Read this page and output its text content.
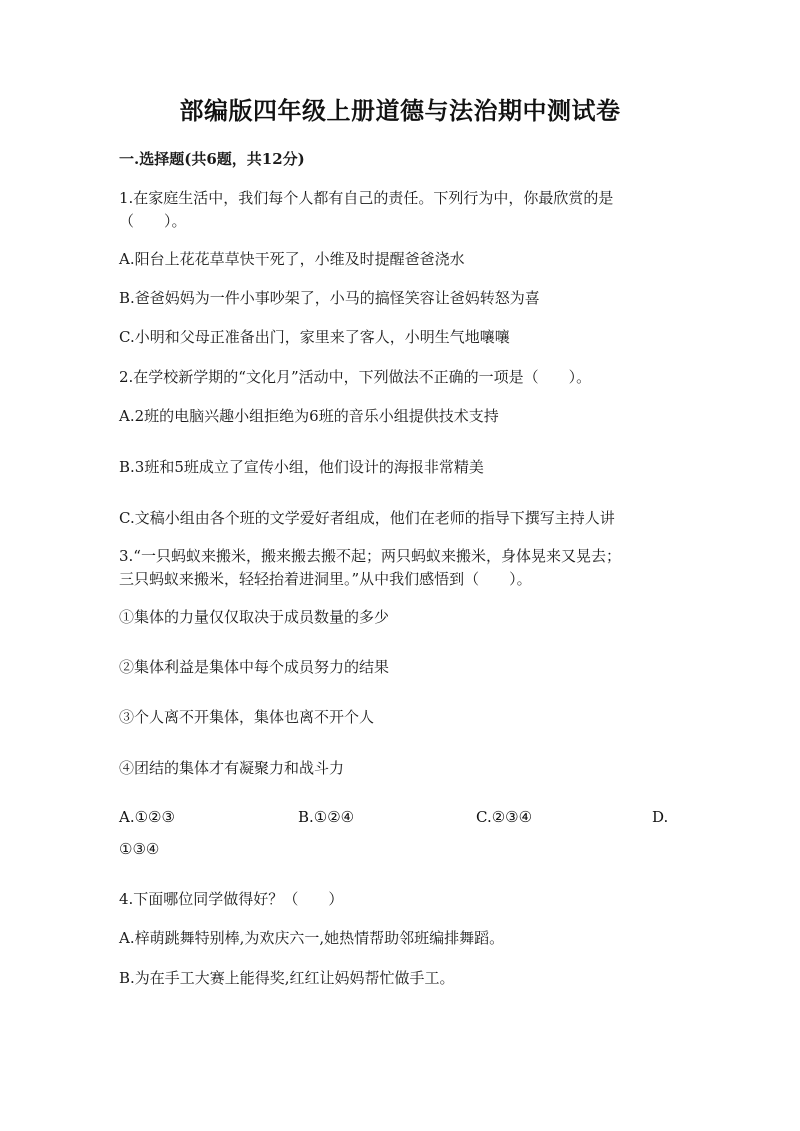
部编版四年级上册道德与法治期中测试卷
一.选择题(共6题，共12分)
1.在家庭生活中，我们每个人都有自己的责任。下列行为中，你最欣赏的是
（　　）。
A.阳台上花花草草快干死了，小维及时提醒爸爸浇水
B.爸爸妈妈为一件小事吵架了，小马的搞怪笑容让爸妈转怒为喜
C.小明和父母正准备出门，家里来了客人，小明生气地嚷嚷
2.在学校新学期的“文化月”活动中，下列做法不正确的一项是（　　）。
A.2班的电脑兴趣小组拒绝为6班的音乐小组提供技术支持
B.3班和5班成立了宣传小组，他们设计的海报非常精美
C.文稿小组由各个班的文学爱好者组成，他们在老师的指导下撰写主持人讲
3.“一只蚂蚁来搬米，搬来搬去搬不起；两只蚂蚁来搬米，身体晃来又晃去；
三只蚂蚁来搬米，轻轻抬着进洞里。”从中我们感悟到（　　）。
①集体的力量仅仅取决于成员数量的多少
②集体利益是集体中每个成员努力的结果
③个人离不开集体，集体也离不开个人
④团结的集体才有凝聚力和战斗力
A.①②③	B.①②④	C.②③④	D.
①③④
4.下面哪位同学做得好？（　　）
A.梓萌跳舞特别棒,为欢庆六一,她热情帮助邻班编排舞蹈。
B.为在手工大赛上能得奖,红红让妈妈帮忙做手工。
